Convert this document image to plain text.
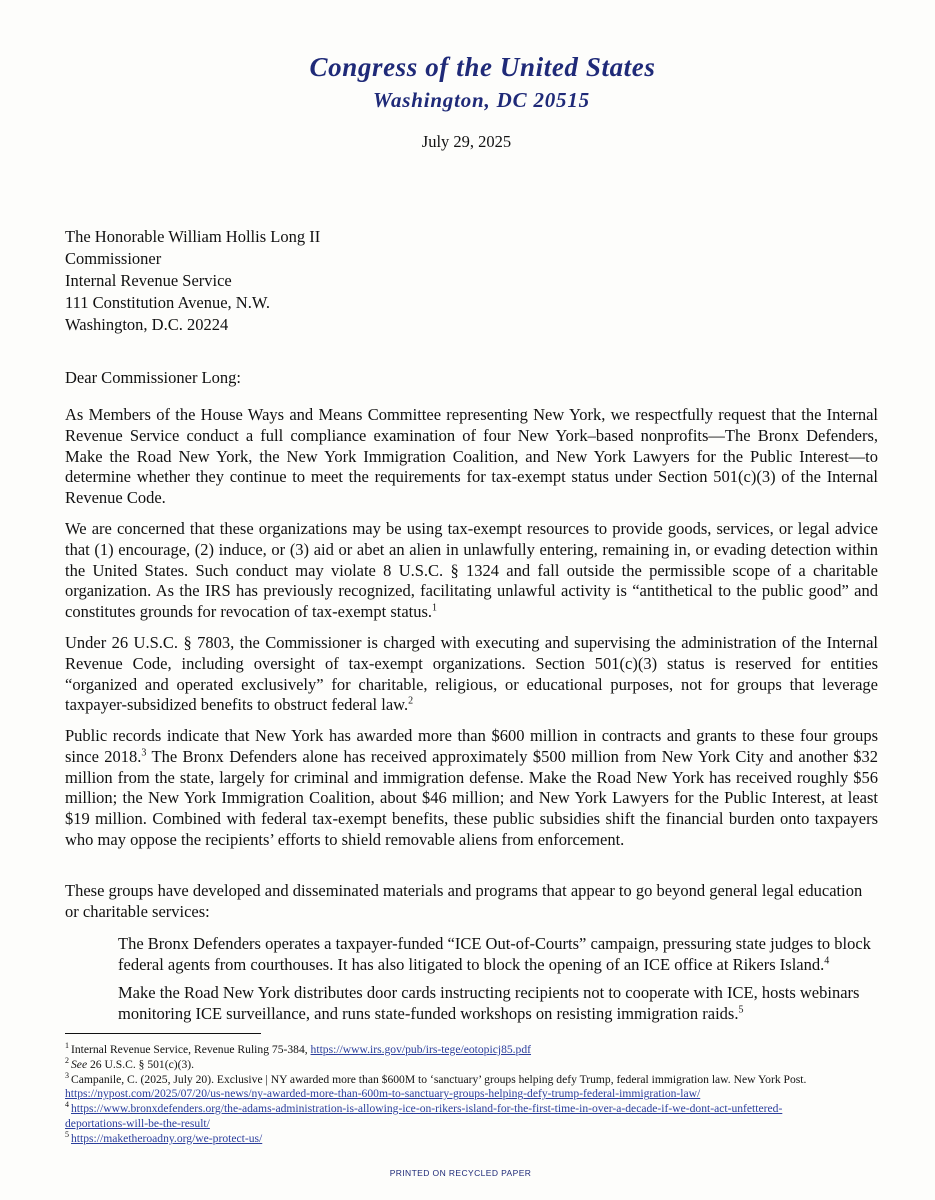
Congress of the United States
Washington, DC 20515
July 29, 2025
The Honorable William Hollis Long II
Commissioner
Internal Revenue Service
111 Constitution Avenue, N.W.
Washington, D.C. 20224
Dear Commissioner Long:
As Members of the House Ways and Means Committee representing New York, we respectfully request that the Internal Revenue Service conduct a full compliance examination of four New York–based nonprofits—The Bronx Defenders, Make the Road New York, the New York Immigration Coalition, and New York Lawyers for the Public Interest—to determine whether they continue to meet the requirements for tax-exempt status under Section 501(c)(3) of the Internal Revenue Code.
We are concerned that these organizations may be using tax-exempt resources to provide goods, services, or legal advice that (1) encourage, (2) induce, or (3) aid or abet an alien in unlawfully entering, remaining in, or evading detection within the United States. Such conduct may violate 8 U.S.C. § 1324 and fall outside the permissible scope of a charitable organization. As the IRS has previously recognized, facilitating unlawful activity is “antithetical to the public good” and constitutes grounds for revocation of tax-exempt status.$^1$
Under 26 U.S.C. § 7803, the Commissioner is charged with executing and supervising the administration of the Internal Revenue Code, including oversight of tax-exempt organizations. Section 501(c)(3) status is reserved for entities “organized and operated exclusively” for charitable, religious, or educational purposes, not for groups that leverage taxpayer-subsidized benefits to obstruct federal law.$^2$
Public records indicate that New York has awarded more than $600 million in contracts and grants to these four groups since 2018.$^3$ The Bronx Defenders alone has received approximately $500 million from New York City and another $32 million from the state, largely for criminal and immigration defense. Make the Road New York has received roughly $56 million; the New York Immigration Coalition, about $46 million; and New York Lawyers for the Public Interest, at least $19 million. Combined with federal tax-exempt benefits, these public subsidies shift the financial burden onto taxpayers who may oppose the recipients’ efforts to shield removable aliens from enforcement.
These groups have developed and disseminated materials and programs that appear to go beyond general legal education or charitable services:
The Bronx Defenders operates a taxpayer-funded “ICE Out-of-Courts” campaign, pressuring state judges to block federal agents from courthouses. It has also litigated to block the opening of an ICE office at Rikers Island.$^4$
Make the Road New York distributes door cards instructing recipients not to cooperate with ICE, hosts webinars monitoring ICE surveillance, and runs state-funded workshops on resisting immigration raids.$^5$
$^1$ Internal Revenue Service, Revenue Ruling 75-384, https://www.irs.gov/pub/irs-tege/eotopicj85.pdf
$^2$ See 26 U.S.C. § 501(c)(3).
$^3$ Campanile, C. (2025, July 20). Exclusive | NY awarded more than $600M to ‘sanctuary’ groups helping defy Trump, federal immigration law. New York Post.
https://nypost.com/2025/07/20/us-news/ny-awarded-more-than-600m-to-sanctuary-groups-helping-defy-trump-federal-immigration-law/
$^4$ https://www.bronxdefenders.org/the-adams-administration-is-allowing-ice-on-rikers-island-for-the-first-time-in-over-a-decade-if-we-dont-act-unfettered-
deportations-will-be-the-result/
$^5$ https://maketheroadny.org/we-protect-us/
PRINTED ON RECYCLED PAPER
